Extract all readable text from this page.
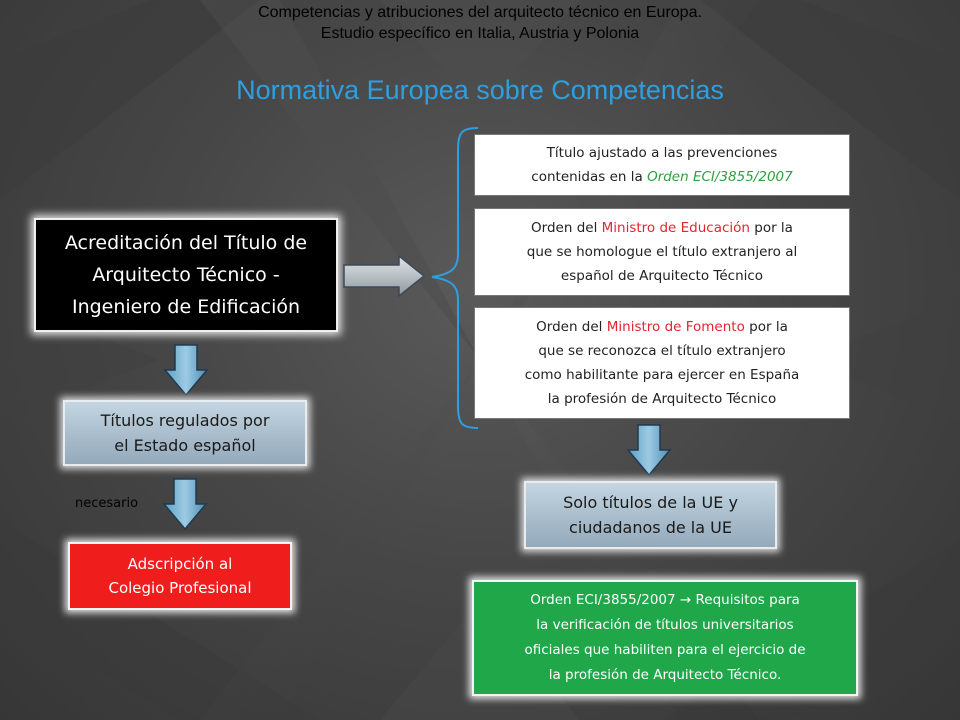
Competencias y atribuciones del arquitecto técnico en Europa.
Estudio específico en Italia, Austria y Polonia
Normativa Europea sobre Competencias
Acreditación del Título de
Arquitecto Técnico -
Ingeniero de Edificación
Título ajustado a las prevenciones
contenidas en la Orden ECI/3855/2007
Orden del Ministro de Educación por la
que se homologue el título extranjero al
español de Arquitecto Técnico
Orden del Ministro de Fomento por la
que se reconozca el título extranjero
como habilitante para ejercer en España
la profesión de Arquitecto Técnico
Títulos regulados por
el Estado español
necesario
Adscripción al
Colegio Profesional
Solo títulos de la UE y
ciudadanos de la UE
Orden ECI/3855/2007 → Requisitos para
la verificación de títulos universitarios
oficiales que habiliten para el ejercicio de
la profesión de Arquitecto Técnico.
